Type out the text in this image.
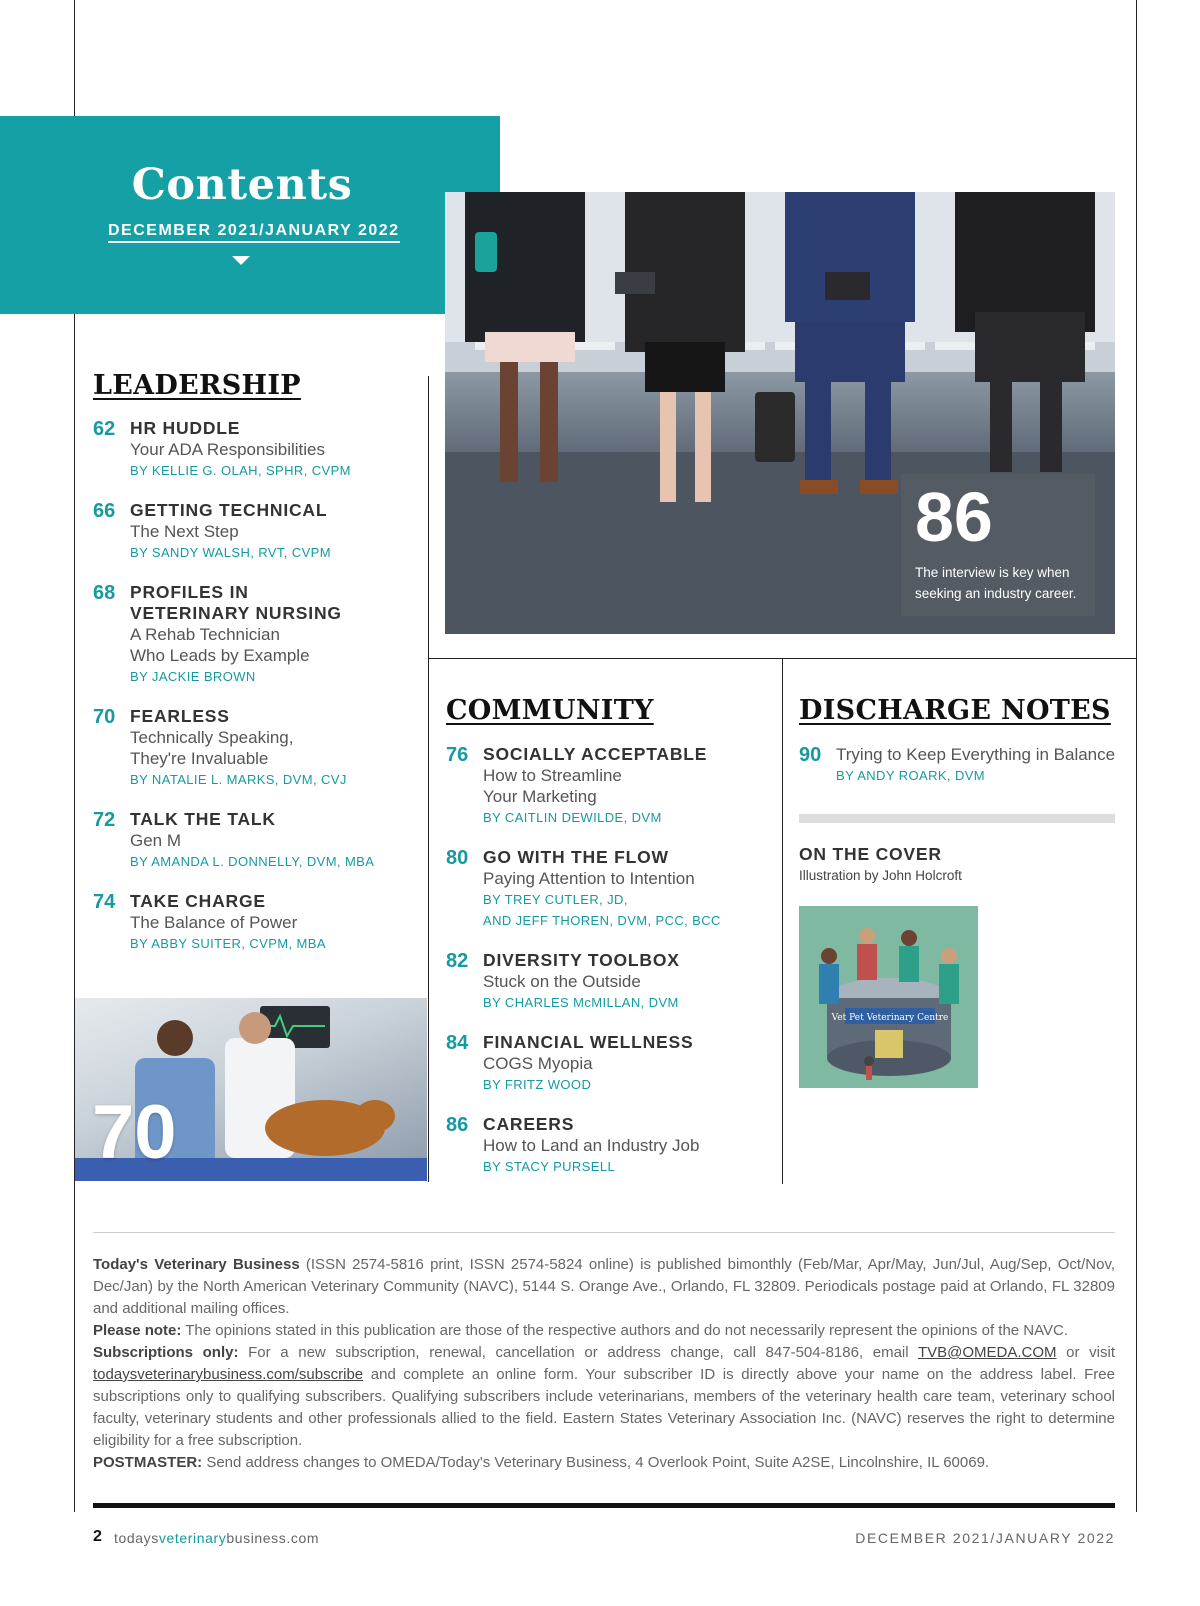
Contents
DECEMBER 2021/JANUARY 2022
86
The interview is key when seeking an industry career.
LEADERSHIP
62 HR HUDDLE
Your ADA Responsibilities
BY KELLIE G. OLAH, SPHR, CVPM
66 GETTING TECHNICAL
The Next Step
BY SANDY WALSH, RVT, CVPM
68 PROFILES IN
VETERINARY NURSING
A Rehab Technician
Who Leads by Example
BY JACKIE BROWN
70 FEARLESS
Technically Speaking,
They're Invaluable
BY NATALIE L. MARKS, DVM, CVJ
72 TALK THE TALK
Gen M
BY AMANDA L. DONNELLY, DVM, MBA
74 TAKE CHARGE
The Balance of Power
BY ABBY SUITER, CVPM, MBA
70
COMMUNITY
76 SOCIALLY ACCEPTABLE
How to Streamline
Your Marketing
BY CAITLIN DEWILDE, DVM
80 GO WITH THE FLOW
Paying Attention to Intention
BY TREY CUTLER, JD,
AND JEFF THOREN, DVM, PCC, BCC
82 DIVERSITY TOOLBOX
Stuck on the Outside
BY CHARLES McMILLAN, DVM
84 FINANCIAL WELLNESS
COGS Myopia
BY FRITZ WOOD
86 CAREERS
How to Land an Industry Job
BY STACY PURSELL
DISCHARGE NOTES
90 Trying to Keep Everything in Balance
BY ANDY ROARK, DVM
ON THE COVER
Illustration by John Holcroft
Vet Pet Veterinary Centre
Today's Veterinary Business (ISSN 2574-5816 print, ISSN 2574-5824 online) is published bimonthly (Feb/Mar, Apr/May, Jun/Jul, Aug/Sep, Oct/Nov, Dec/Jan) by the North American Veterinary Community (NAVC), 5144 S. Orange Ave., Orlando, FL 32809. Periodicals postage paid at Orlando, FL 32809 and additional mailing offices.
Please note: The opinions stated in this publication are those of the respective authors and do not necessarily represent the opinions of the NAVC.
Subscriptions only: For a new subscription, renewal, cancellation or address change, call 847-504-8186, email TVB@OMEDA.COM or visit todaysveterinarybusiness.com/subscribe and complete an online form. Your subscriber ID is directly above your name on the address label. Free subscriptions only to qualifying subscribers. Qualifying subscribers include veterinarians, members of the veterinary health care team, veterinary school faculty, veterinary students and other professionals allied to the field. Eastern States Veterinary Association Inc. (NAVC) reserves the right to determine eligibility for a free subscription.
POSTMASTER: Send address changes to OMEDA/Today's Veterinary Business, 4 Overlook Point, Suite A2SE, Lincolnshire, IL 60069.
2 todaysveterinarybusiness.com	DECEMBER 2021/JANUARY 2022
